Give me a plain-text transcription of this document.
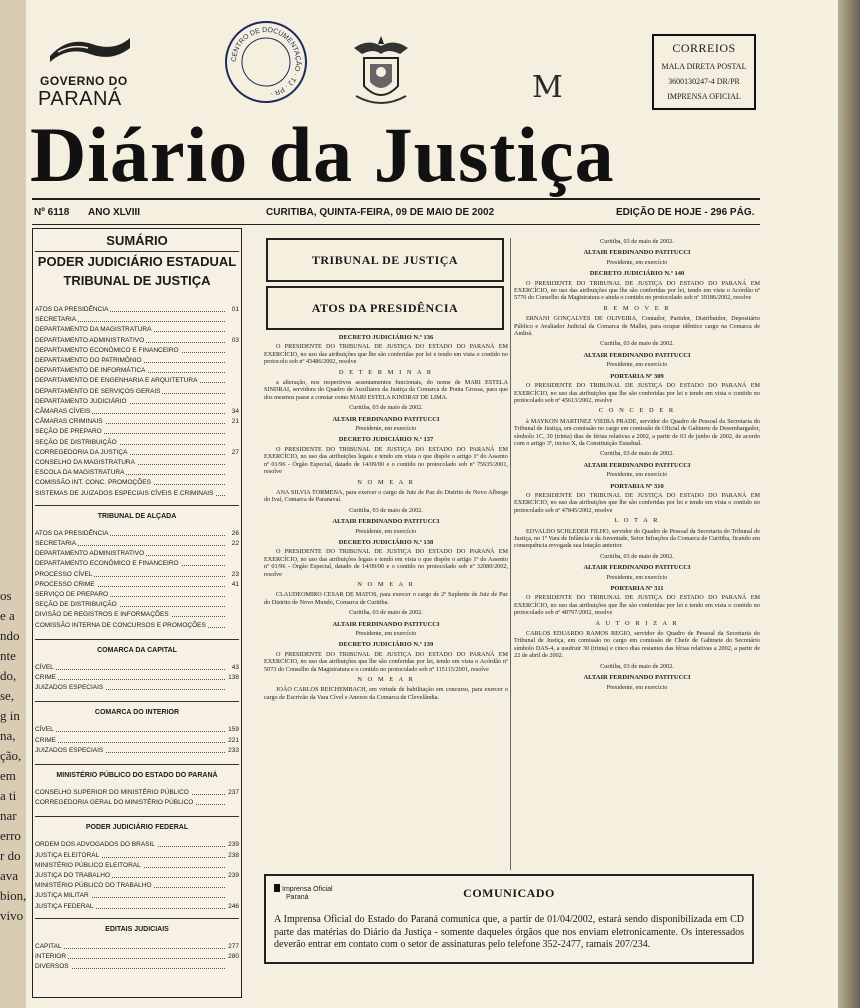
os
e a
ndo
nte
do,
se,
g in
na,
ção,
em
a ti
nar
erro
r do
ava
bion,
vivo
GOVERNO DO
PARANÁ
CENTRO DE DOCUMENTAÇÃO · TJ · PR ·	M
CORREIOS
MALA DIRETA POSTAL
3600130247-4 DR/PR
IMPRENSA OFICIAL
Diário da Justiça
Nº 6118 ANO XLVIII	CURITIBA, QUINTA-FEIRA, 09 DE MAIO DE 2002	EDIÇÃO DE HOJE - 296 PÁG.
SUMÁRIO
PODER JUDICIÁRIO ESTADUAL
TRIBUNAL DE JUSTIÇA
ATOS DA PRESIDÊNCIA	01
SECRETARIA
DEPARTAMENTO DA MAGISTRATURA
DEPARTAMENTO ADMINISTRATIVO	03
DEPARTAMENTO ECONÔMICO E FINANCEIRO
DEPARTAMENTO DO PATRIMÔNIO
DEPARTAMENTO DE INFORMÁTICA
DEPARTAMENTO DE ENGENHARIA E ARQUITETURA
DEPARTAMENTO DE SERVIÇOS GERAIS
DEPARTAMENTO JUDICIÁRIO
CÂMARAS CÍVEIS	34
CÂMARAS CRIMINAIS	21
SEÇÃO DE PREPARO
SEÇÃO DE DISTRIBUIÇÃO
CORREGEDORIA DA JUSTIÇA	27
CONSELHO DA MAGISTRATURA
ESCOLA DA MAGISTRATURA
COMISSÃO INT. CONC. PROMOÇÕES
SISTEMAS DE JUIZADOS ESPECIAIS CÍVEIS E CRIMINAIS
TRIBUNAL DE ALÇADA
ATOS DA PRESIDÊNCIA	26
SECRETARIA	22
DEPARTAMENTO ADMINISTRATIVO
DEPARTAMENTO ECONÔMICO E FINANCEIRO
PROCESSO CÍVEL	23
PROCESSO CRIME	41
SERVIÇO DE PREPARO
SEÇÃO DE DISTRIBUIÇÃO
DIVISÃO DE REGISTROS E INFORMAÇÕES
COMISSÃO INTERNA DE CONCURSOS E PROMOÇÕES
COMARCA DA CAPITAL
CÍVEL	43
CRIME	138
JUIZADOS ESPECIAIS
COMARCA DO INTERIOR
CÍVEL	159
CRIME	221
JUIZADOS ESPECIAIS	233
MINISTÉRIO PÚBLICO DO ESTADO DO PARANÁ
CONSELHO SUPERIOR DO MINISTÉRIO PÚBLICO	237
CORREGEDORIA GERAL DO MINISTÉRIO PÚBLICO
PODER JUDICIÁRIO FEDERAL
ORDEM DOS ADVOGADOS DO BRASIL	239
JUSTIÇA ELEITORAL	238
MINISTÉRIO PÚBLICO ELEITORAL
JUSTIÇA DO TRABALHO	239
MINISTÉRIO PÚBLICO DO TRABALHO
JUSTIÇA MILITAR
JUSTIÇA FEDERAL	246
EDITAIS JUDICIAIS
CAPITAL	277
INTERIOR	280
DIVERSOS
TRIBUNAL DE JUSTIÇA
ATOS DA PRESIDÊNCIA
DECRETO JUDICIÁRIO N.º 136
O PRESIDENTE DO TRIBUNAL DE JUSTIÇA DO ESTADO DO PARANÁ EM EXERCÍCIO, no uso das atribuições que lhe são conferidas por lei e tendo em vista o contido no protocolo sob nº 43486/2002, resolve
D E T E R M I N A R
a alteração, nos respectivos assentamentos funcionais, do nome de MARI ESTELA SINDRAI, servidora do Quadro de Auxiliares da Justiça da Comarca de Ponta Grossa, para que dos mesmos passe a constar como MARI ESTELA KINDRAT DE LIMA.
Curitiba, 03 de maio de 2002.
ALTAIR FERDINANDO PATITUCCI
Presidente, em exercício
DECRETO JUDICIÁRIO N.º 137
O PRESIDENTE DO TRIBUNAL DE JUSTIÇA DO ESTADO DO PARANÁ EM EXERCÍCIO, no uso das atribuições legais e tendo em vista o que dispõe o artigo 1º do Assento nº 01/96 - Órgão Especial, datado de 14/09/00 e o contido no protocolado sob nº 75635/2001, resolve
N O M E A R
ANA SILVIA TORMENA, para exercer o cargo de Juiz de Paz do Distrito de Novo Alberge do Ivaí, Comarca de Paranavaí.
Curitiba, 03 de maio de 2002.
ALTAIR FERDINANDO PATITUCCI
Presidente, em exercício
DECRETO JUDICIÁRIO N.º 138
O PRESIDENTE DO TRIBUNAL DE JUSTIÇA DO ESTADO DO PARANÁ EM EXERCÍCIO, no uso das atribuições legais e tendo em vista o que dispõe o artigo 1º do Assento nº 01/96 - Órgão Especial, datado de 14/09/00 e o contido no protocolado sob nº 32080/2002, resolve
N O M E A R
CLAUDEOMIRO CESAR DE MATOS, para exercer o cargo de 2º Suplente de Juiz de Paz do Distrito de Novo Mundo, Comarca de Curitiba.
Curitiba, 03 de maio de 2002.
ALTAIR FERDINANDO PATITUCCI
Presidente, em exercício
DECRETO JUDICIÁRIO N.º 139
O PRESIDENTE DO TRIBUNAL DE JUSTIÇA DO ESTADO DO PARANÁ EM EXERCÍCIO, no uso das atribuições que lhe são conferidas por lei, tendo em vista o Acórdão nº 5073 do Conselho da Magistratura e o contido no protocolado sob nº 115115/2001, resolve
N O M E A R
JOÃO CARLOS REICHEMBACH, em virtude de habilitação em concurso, para exercer o cargo de Escrivão da Vara Cível e Anexos da Comarca de Clevelândia.
Curitiba, 03 de maio de 2002.
ALTAIR FERDINANDO PATITUCCI
Presidente, em exercício
DECRETO JUDICIÁRIO N.º 140
O PRESIDENTE DO TRIBUNAL DE JUSTIÇA DO ESTADO DO PARANÁ EM EXERCÍCIO, no uso das atribuições que lhe são conferidas por lei, tendo em vista o Acórdão nº 5776 do Conselho da Magistratura e ainda o contido no protocolado sob nº 39186/2002, resolve
R E M O V E R
ERNANI GONÇALVES DE OLIVEIRA, Contador, Partidor, Distribuidor, Depositário Público e Avaliador Judicial da Comarca de Mallet, para ocupar idêntico cargo na Comarca de Andirá.
Curitiba, 03 de maio de 2002.
ALTAIR FERDINANDO PATITUCCI
Presidente, em exercício
PORTARIA Nº 309
O PRESIDENTE DO TRIBUNAL DE JUSTIÇA DO ESTADO DO PARANÁ EM EXERCÍCIO, no uso das atribuições que lhe são conferidas por lei e tendo em vista o contido no protocolado sob nº 45613/2002, resolve
C O N C E D E R
à MAYKON MARTINEZ VIEIRA PRADE, servidor do Quadro de Pessoal da Secretaria do Tribunal de Justiça, em comissão no cargo em comissão de Oficial de Gabinete de Desembargador, símbolo 1C, 30 (trinta) dias de férias relativas a 2002, a partir de 03 de junho de 2002, de acordo com o artigo 3º, inciso X, da Constituição Estadual.
Curitiba, 03 de maio de 2002.
ALTAIR FERDINANDO PATITUCCI
Presidente, em exercício
PORTARIA Nº 310
O PRESIDENTE DO TRIBUNAL DE JUSTIÇA DO ESTADO DO PARANÁ EM EXERCÍCIO, no uso das atribuições que lhe são conferidas por lei e tendo em vista o contido no protocolado sob nº 47845/2002, resolve
L O T A R
EDVALDO SCHLEDER FILHO, servidor do Quadro de Pessoal da Secretaria do Tribunal de Justiça, no 1º Vara de Infância e da Juventude, Setor Infrações da Comarca de Curitiba, ficando em consequência revogada sua lotação anterior.
Curitiba, 03 de maio de 2002.
ALTAIR FERDINANDO PATITUCCI
Presidente, em exercício
PORTARIA Nº 311
O PRESIDENTE DO TRIBUNAL DE JUSTIÇA DO ESTADO DO PARANÁ EM EXERCÍCIO, no uso das atribuições que lhe são conferidas por lei e tendo em vista o contido no protocolado sob nº 48797/2002, resolve
A U T O R I Z A R
CARLOS EDUARDO RAMOS REGIO, servidor do Quadro de Pessoal da Secretaria do Tribunal de Justiça, em comissão no cargo em comissão de Chefe de Gabinete do Secretário símbolo DAS-4, a usufruir 30 (trinta) e cinco dias restantes das férias relativas a 2002, a partir de 22 de abril de 2002.
Curitiba, 03 de maio de 2002.
ALTAIR FERDINANDO PATITUCCI
Presidente, em exercício
Imprensa Oficial
Paraná	COMUNICADO
A Imprensa Oficial do Estado do Paraná comunica que, a partir de 01/04/2002, estará sendo disponibilizada em CD parte das matérias do Diário da Justiça - somente daqueles órgãos que nos enviam eletronicamente. Os interessados deverão entrar em contato com o setor de assinaturas pelo telefone 352-2477, ramais 207/234.
